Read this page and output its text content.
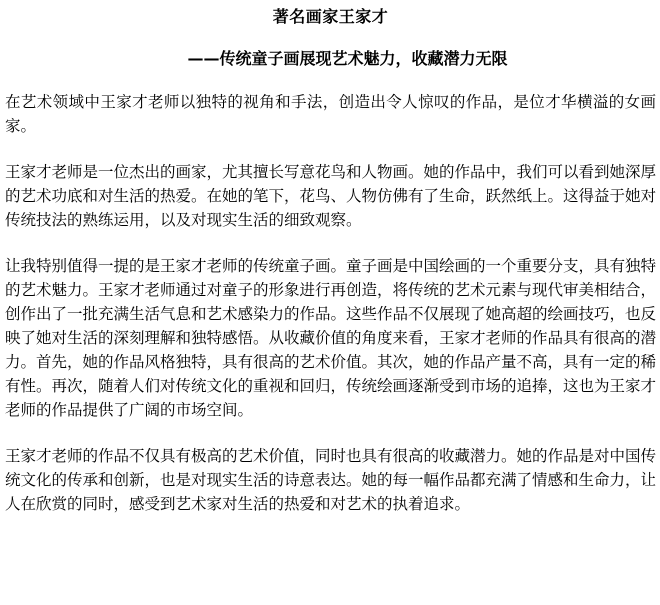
著名画家王家才
——传统童子画展现艺术魅力，收藏潜力无限

在艺术领域中王家才老师以独特的视角和手法，创造出令人惊叹的作品，是位才华横溢的女画家。

王家才老师是一位杰出的画家，尤其擅长写意花鸟和人物画。她的作品中，我们可以看到她深厚的艺术功底和对生活的热爱。在她的笔下，花鸟、人物仿佛有了生命，跃然纸上。这得益于她对传统技法的熟练运用，以及对现实生活的细致观察。

让我特别值得一提的是王家才老师的传统童子画。童子画是中国绘画的一个重要分支，具有独特的艺术魅力。王家才老师通过对童子的形象进行再创造，将传统的艺术元素与现代审美相结合，创作出了一批充满生活气息和艺术感染力的作品。这些作品不仅展现了她高超的绘画技巧，也反映了她对生活的深刻理解和独特感悟。从收藏价值的角度来看，王家才老师的作品具有很高的潜力。首先，她的作品风格独特，具有很高的艺术价值。其次，她的作品产量不高，具有一定的稀有性。再次，随着人们对传统文化的重视和回归，传统绘画逐渐受到市场的追捧，这也为王家才老师的作品提供了广阔的市场空间。

王家才老师的作品不仅具有极高的艺术价值，同时也具有很高的收藏潜力。她的作品是对中国传统文化的传承和创新，也是对现实生活的诗意表达。她的每一幅作品都充满了情感和生命力，让人在欣赏的同时，感受到艺术家对生活的热爱和对艺术的执着追求。
